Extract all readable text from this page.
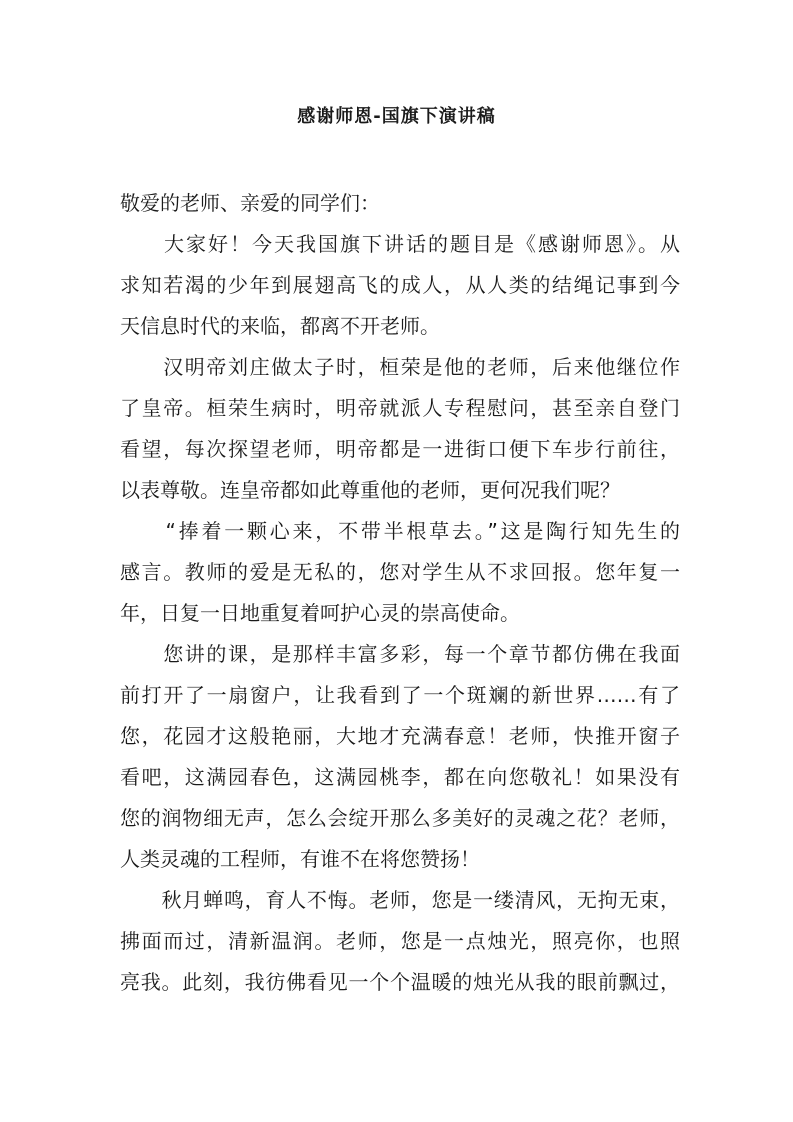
感谢师恩-国旗下演讲稿
敬爱的老师、亲爱的同学们：
　　大家好！今天我国旗下讲话的题目是《感谢师恩》。从
求知若渴的少年到展翅高飞的成人，从人类的结绳记事到今
天信息时代的来临，都离不开老师。
　　汉明帝刘庄做太子时，桓荣是他的老师，后来他继位作
了皇帝。桓荣生病时，明帝就派人专程慰问，甚至亲自登门
看望，每次探望老师，明帝都是一进街口便下车步行前往，
以表尊敬。连皇帝都如此尊重他的老师，更何况我们呢？
　　“捧着一颗心来，不带半根草去。”这是陶行知先生的
感言。教师的爱是无私的，您对学生从不求回报。您年复一
年，日复一日地重复着呵护心灵的崇高使命。
　　您讲的课，是那样丰富多彩，每一个章节都仿佛在我面
前打开了一扇窗户，让我看到了一个斑斓的新世界……有了
您，花园才这般艳丽，大地才充满春意！老师，快推开窗子
看吧，这满园春色，这满园桃李，都在向您敬礼！如果没有
您的润物细无声，怎么会绽开那么多美好的灵魂之花？老师，
人类灵魂的工程师，有谁不在将您赞扬！
　　秋月蝉鸣，育人不悔。老师，您是一缕清风，无拘无束，
拂面而过，清新温润。老师，您是一点烛光，照亮你，也照
亮我。此刻，我彷佛看见一个个温暖的烛光从我的眼前飘过，
